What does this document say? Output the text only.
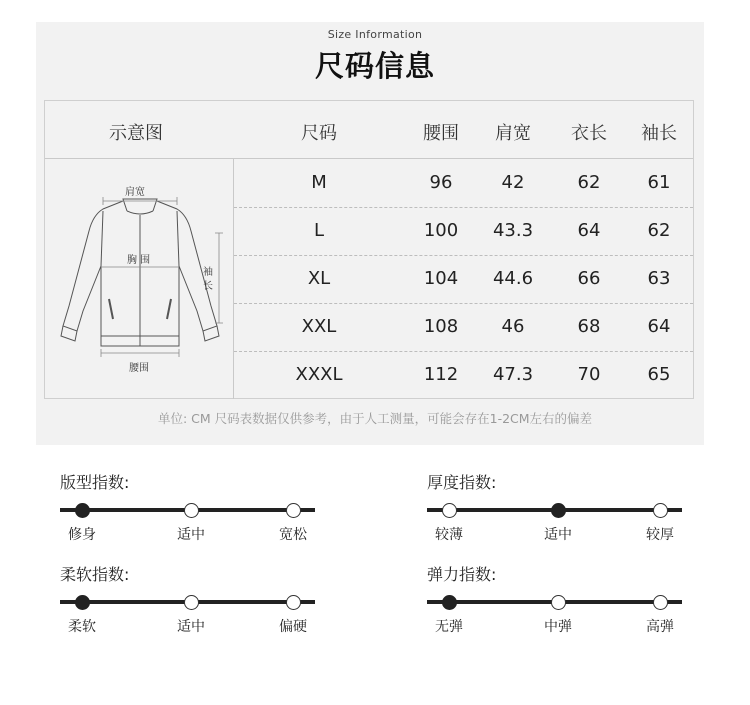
Size Information
尺码信息
示意图	尺码	腰围	肩宽	衣长	袖长
M	96	42	62	61
L	100	43.3	64	62
XL	104	44.6	66	63
XXL	108	46	68	64
XXXL	112	47.3	70	65
肩宽
胸 围
腰围
袖
长
单位: CM 尺码表数据仅供参考，由于人工测量，可能会存在1-2CM左右的偏差
版型指数:
修身	适中	宽松
厚度指数:
较薄	适中	较厚
柔软指数:
柔软	适中	偏硬
弹力指数:
无弹	中弹	高弹
